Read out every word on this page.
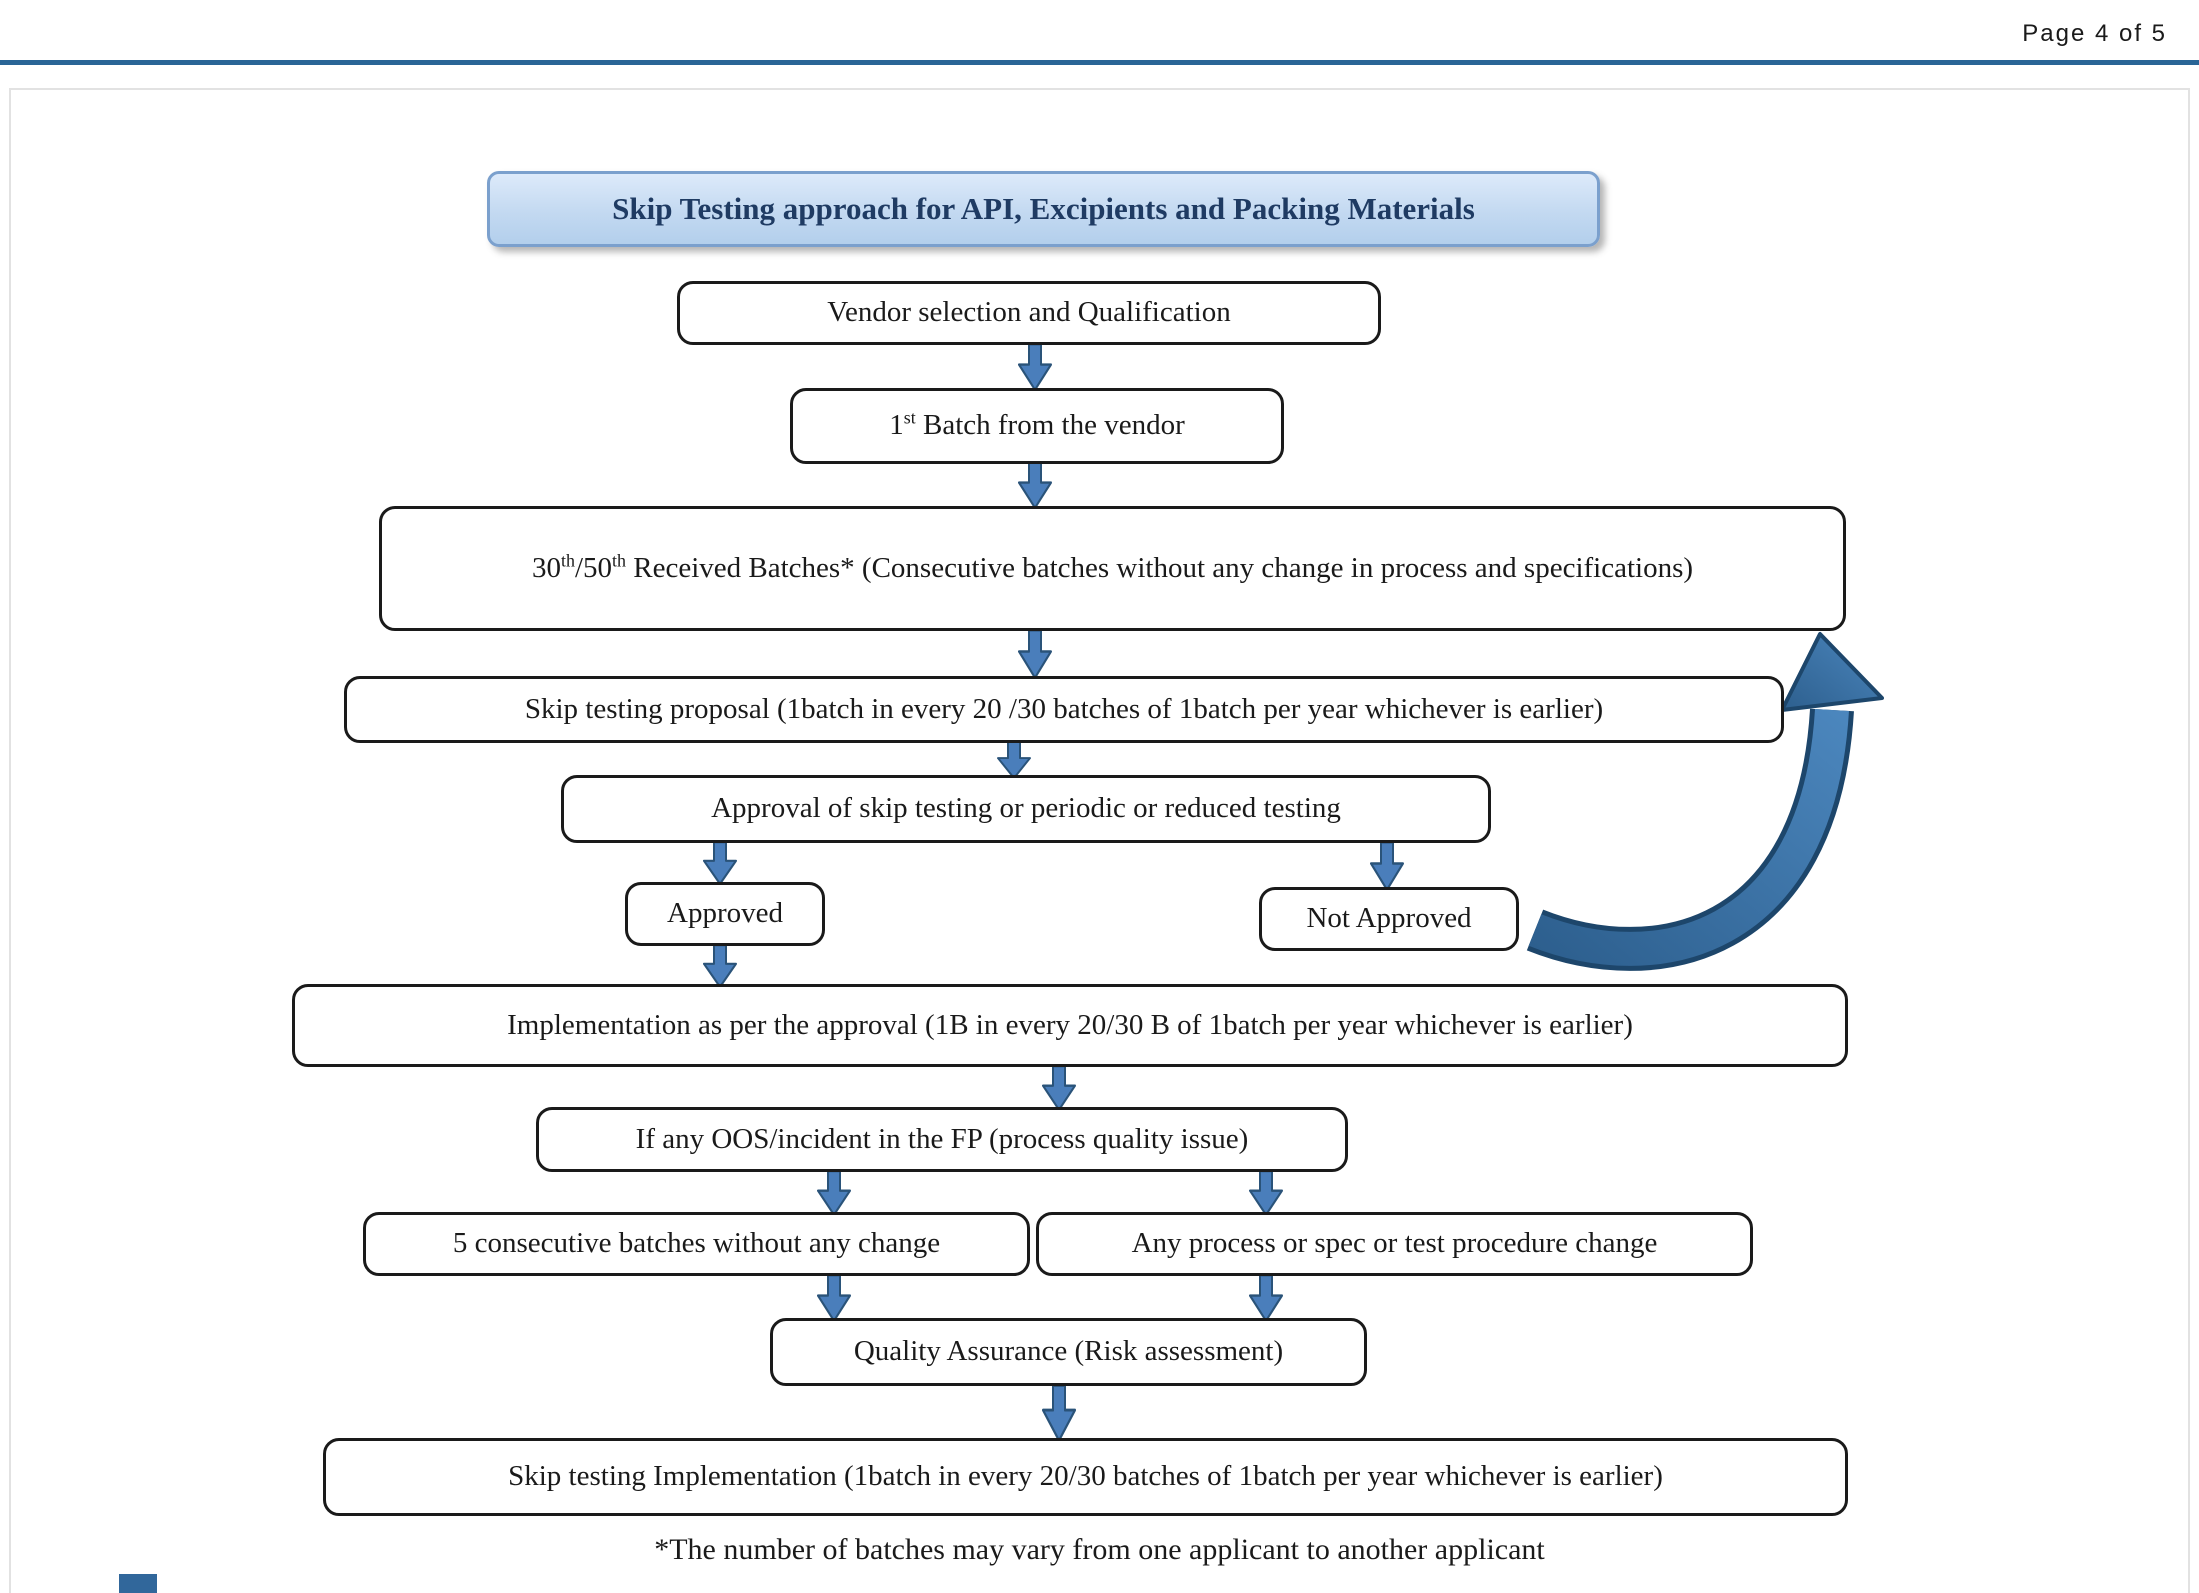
Page 4 of 5
Skip Testing approach for API, Excipients and Packing Materials
Vendor selection and Qualification
1st Batch from the vendor
30th/50th Received Batches* (Consecutive batches without any change in process and specifications)
Skip testing proposal (1batch in every 20 /30 batches of 1batch per year whichever is earlier)
Approval of skip testing or periodic or reduced testing
Approved	Not Approved
Implementation as per the approval (1B in every 20/30 B of 1batch per year whichever is earlier)
If any OOS/incident in the FP (process quality issue)
5 consecutive batches without any change	Any process or spec or test procedure change
Quality Assurance (Risk assessment)
Skip testing Implementation (1batch in every 20/30 batches of 1batch per year whichever is earlier)
*The number of batches may vary from one applicant to another applicant
